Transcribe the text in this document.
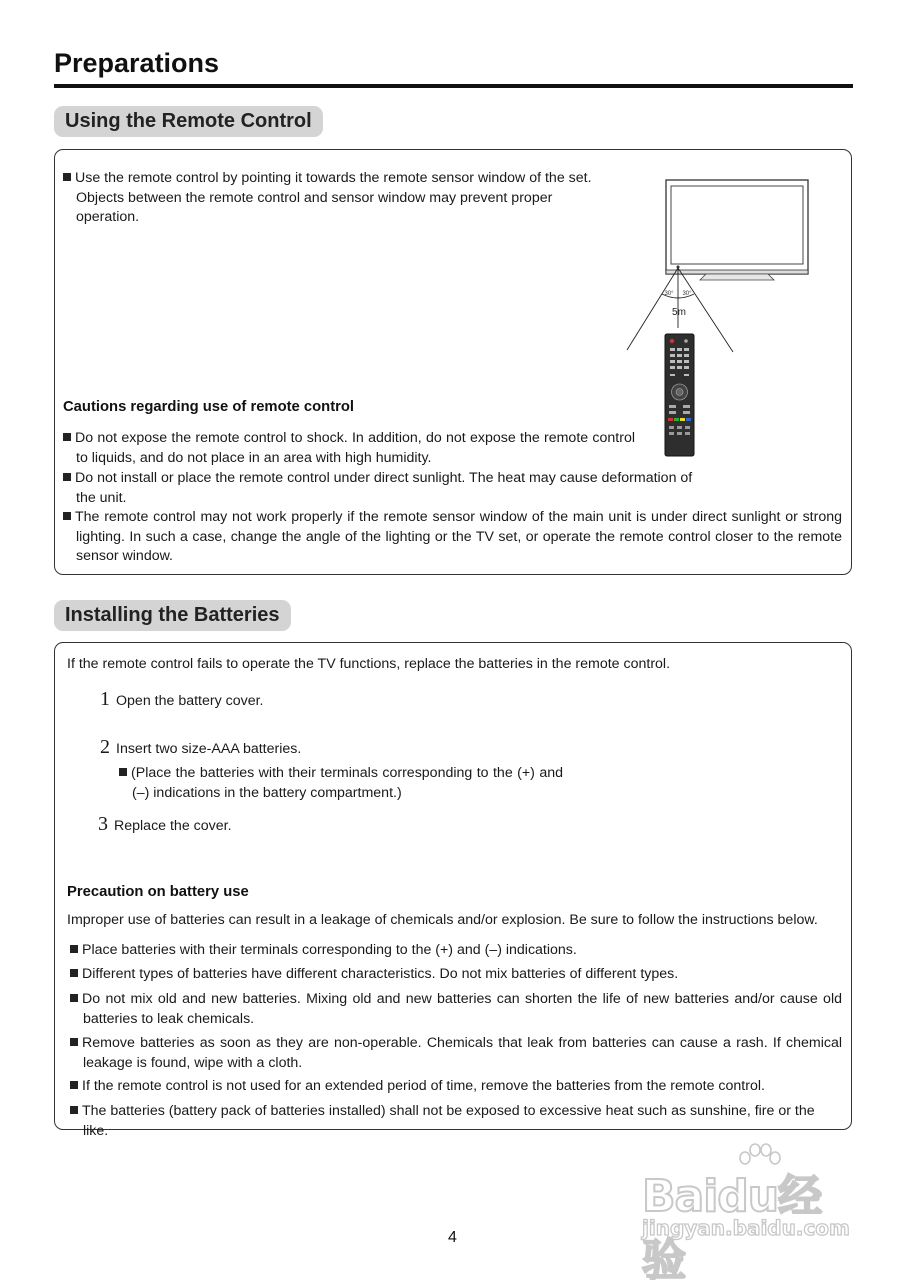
Preparations
Using the Remote Control
Use the remote control by pointing it towards the remote sensor window of the set. Objects between the remote control and sensor window may prevent proper operation.
30° 30°
5m
Cautions regarding use of remote control
Do not expose the remote control to shock. In addition, do not expose the remote control to liquids, and do not place in an area with high humidity.
Do not install or place the remote control under direct sunlight. The heat may cause deformation of the unit.
The remote control may not work properly if the remote sensor window of the main unit is under direct sunlight or strong lighting. In such a case, change the angle of the lighting or the TV set, or operate the remote control closer to the remote sensor window.
Installing the Batteries
If the remote control fails to operate the TV functions, replace the batteries in the remote control.
1 Open the battery cover.
2 Insert two size-AAA batteries.
(Place the batteries with their terminals corresponding to the (+) and (–) indications in the battery compartment.)
3 Replace the cover.
Precaution on battery use
Improper use of batteries can result in a leakage of chemicals and/or explosion. Be sure to follow the instructions below.
Place batteries with their terminals corresponding to the (+) and (–) indications.
Different types of batteries have different characteristics. Do not mix batteries of different types.
Do not mix old and new batteries. Mixing old and new batteries can shorten the life of new batteries and/or cause old batteries to leak chemicals.
Remove batteries as soon as they are non-operable. Chemicals that leak from batteries can cause a rash. If chemical leakage is found, wipe with a cloth.
If the remote control is not used for an extended period of time, remove the batteries from the remote control.
The batteries (battery pack of batteries installed) shall not be exposed to excessive heat such as sunshine, fire or the like.
4
Baidu经验
jingyan.baidu.com
